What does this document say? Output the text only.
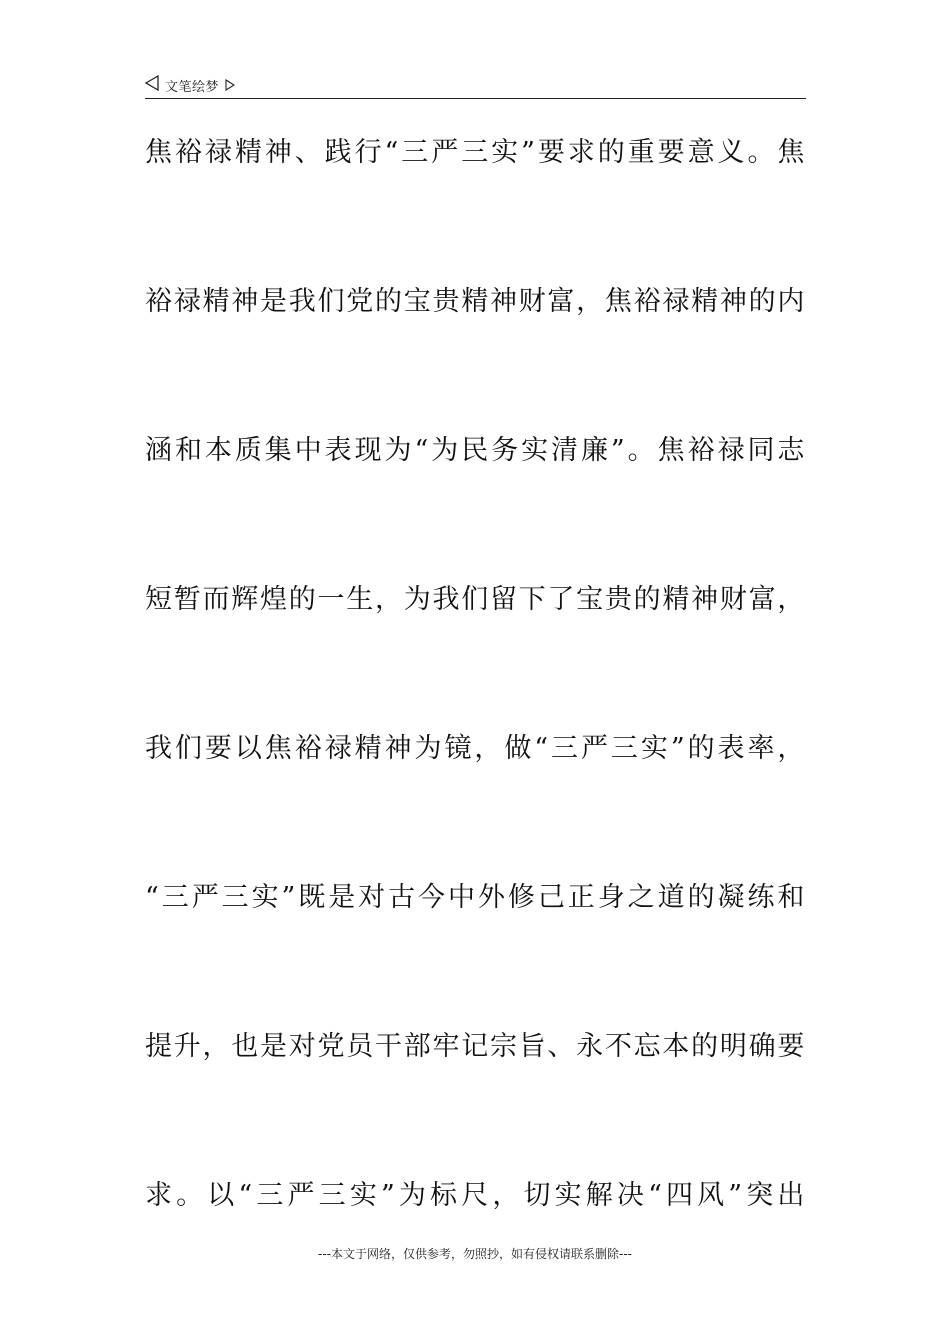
文笔绘梦
焦裕禄精神、践行“三严三实”要求的重要意义。焦
裕禄精神是我们党的宝贵精神财富，焦裕禄精神的内
涵和本质集中表现为“为民务实清廉”。焦裕禄同志
短暂而辉煌的一生，为我们留下了宝贵的精神财富，
我们要以焦裕禄精神为镜，做“三严三实”的表率，
“三严三实”既是对古今中外修己正身之道的凝练和
提升，也是对党员干部牢记宗旨、永不忘本的明确要
求。以“三严三实”为标尺，切实解决“四风”突出
---本文于网络，仅供参考，勿照抄，如有侵权请联系删除---
